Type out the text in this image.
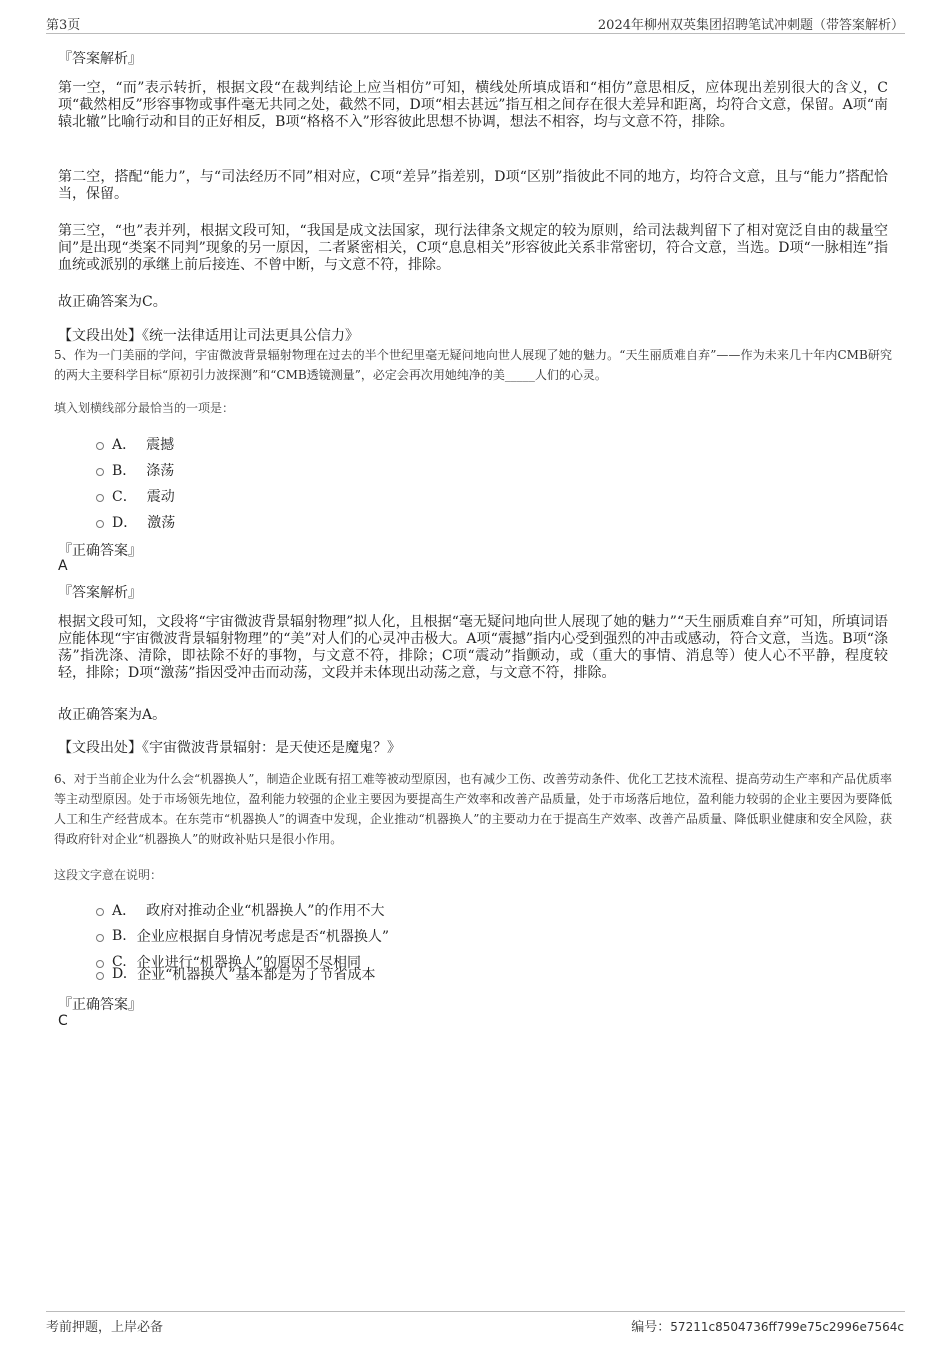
第3页	2024年柳州双英集团招聘笔试冲刺题（带答案解析）
『答案解析』
第一空，“而”表示转折，根据文段“在裁判结论上应当相仿”可知，横线处所填成语和“相仿”意思相反，应体现出差别很大的含义，C项“截然相反”形容事物或事件毫无共同之处，截然不同，D项“相去甚远”指互相之间存在很大差异和距离，均符合文意，保留。A项“南辕北辙”比喻行动和目的正好相反，B项“格格不入”形容彼此思想不协调，想法不相容，均与文意不符，排除。
第二空，搭配“能力”，与“司法经历不同”相对应，C项“差异”指差别，D项“区别”指彼此不同的地方，均符合文意，且与“能力”搭配恰当，保留。
第三空，“也”表并列，根据文段可知，“我国是成文法国家，现行法律条文规定的较为原则，给司法裁判留下了相对宽泛自由的裁量空间”是出现“类案不同判”现象的另一原因，二者紧密相关，C项“息息相关”形容彼此关系非常密切，符合文意，当选。D项“一脉相连”指血统或派别的承继上前后接连、不曾中断，与文意不符，排除。
故正确答案为C。
【文段出处】《统一法律适用让司法更具公信力》
5、作为一门美丽的学问，宇宙微波背景辐射物理在过去的半个世纪里毫无疑问地向世人展现了她的魅力。“天生丽质难自弃”——作为未来几十年内CMB研究的两大主要科学目标“原初引力波探测”和“CMB透镜测量”，必定会再次用她纯净的美_____人们的心灵。
填入划横线部分最恰当的一项是：
A． 震撼
B． 涤荡
C． 震动
D． 激荡
『正确答案』
A
『答案解析』
根据文段可知，文段将“宇宙微波背景辐射物理”拟人化，且根据“毫无疑问地向世人展现了她的魅力”“天生丽质难自弃”可知，所填词语应能体现“宇宙微波背景辐射物理”的“美”对人们的心灵冲击极大。A项“震撼”指内心受到强烈的冲击或感动，符合文意，当选。B项“涤荡”指洗涤、清除，即祛除不好的事物，与文意不符，排除；C项“震动”指颤动，或（重大的事情、消息等）使人心不平静，程度较轻，排除；D项“激荡”指因受冲击而动荡，文段并未体现出动荡之意，与文意不符，排除。
故正确答案为A。
【文段出处】《宇宙微波背景辐射：是天使还是魔鬼？》
6、对于当前企业为什么会“机器换人”，制造企业既有招工难等被动型原因，也有减少工伤、改善劳动条件、优化工艺技术流程、提高劳动生产率和产品优质率等主动型原因。处于市场领先地位，盈利能力较强的企业主要因为要提高生产效率和改善产品质量，处于市场落后地位，盈利能力较弱的企业主要因为要降低人工和生产经营成本。在东莞市“机器换人”的调查中发现，企业推动“机器换人”的主要动力在于提高生产效率、改善产品质量、降低职业健康和安全风险，获得政府针对企业“机器换人”的财政补贴只是很小作用。
这段文字意在说明：
A． 政府对推动企业“机器换人”的作用不大
B. 企业应根据自身情况考虑是否“机器换人”
C. 企业进行“机器换人”的原因不尽相同
D. 企业“机器换人”基本都是为了节省成本
『正确答案』
C
考前押题，上岸必备	编号：57211c8504736ff799e75c2996e7564c
